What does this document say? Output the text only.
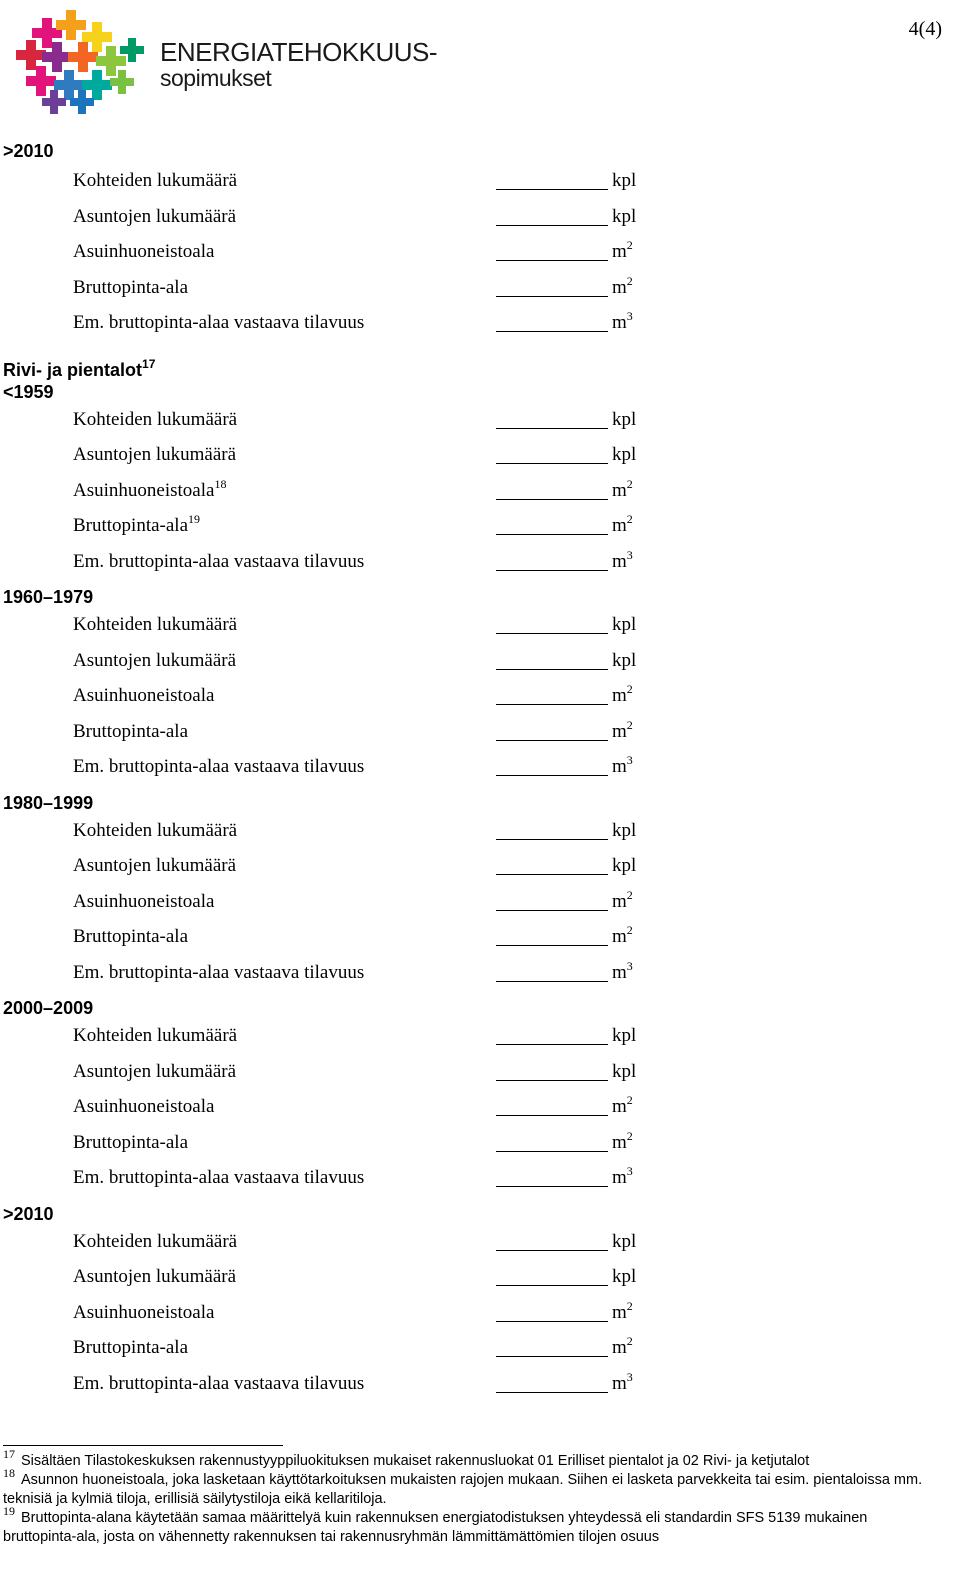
ENERGIATEHOKKUUS-
sopimukset
4(4)
>2010
Kohteiden lukumäärä	kpl
Asuntojen lukumäärä	kpl
Asuinhuoneistoala	$m^2$
Bruttopinta-ala	$m^2$
Em. bruttopinta-alaa vastaava tilavuus	$m^3$
Rivi- ja pientalot$^{17}$
<1959
Kohteiden lukumäärä	kpl
Asuntojen lukumäärä	kpl
Asuinhuoneistoala$^{18}$	$m^2$
Bruttopinta-ala$^{19}$	$m^2$
Em. bruttopinta-alaa vastaava tilavuus	$m^3$
1960–1979
Kohteiden lukumäärä	kpl
Asuntojen lukumäärä	kpl
Asuinhuoneistoala	$m^2$
Bruttopinta-ala	$m^2$
Em. bruttopinta-alaa vastaava tilavuus	$m^3$
1980–1999
Kohteiden lukumäärä	kpl
Asuntojen lukumäärä	kpl
Asuinhuoneistoala	$m^2$
Bruttopinta-ala	$m^2$
Em. bruttopinta-alaa vastaava tilavuus	$m^3$
2000–2009
Kohteiden lukumäärä	kpl
Asuntojen lukumäärä	kpl
Asuinhuoneistoala	$m^2$
Bruttopinta-ala	$m^2$
Em. bruttopinta-alaa vastaava tilavuus	$m^3$
>2010
Kohteiden lukumäärä	kpl
Asuntojen lukumäärä	kpl
Asuinhuoneistoala	$m^2$
Bruttopinta-ala	$m^2$
Em. bruttopinta-alaa vastaava tilavuus	$m^3$

$^{17}$ Sisältäen Tilastokeskuksen rakennustyyppiluokituksen mukaiset rakennusluokat 01 Erilliset pientalot ja 02 Rivi- ja ketjutalot

$^{18}$ Asunnon huoneistoala, joka lasketaan käyttötarkoituksen mukaisten rajojen mukaan. Siihen ei lasketa parvekkeita tai esim. pientaloissa mm. teknisiä ja kylmiä tiloja, erillisiä säilytystiloja eikä kellaritiloja.

$^{19}$ Bruttopinta-alana käytetään samaa määrittelyä kuin rakennuksen energiatodistuksen yhteydessä eli standardin SFS 5139 mukainen bruttopinta-ala, josta on vähennetty rakennuksen tai rakennusryhmän lämmittämättömien tilojen osuus
